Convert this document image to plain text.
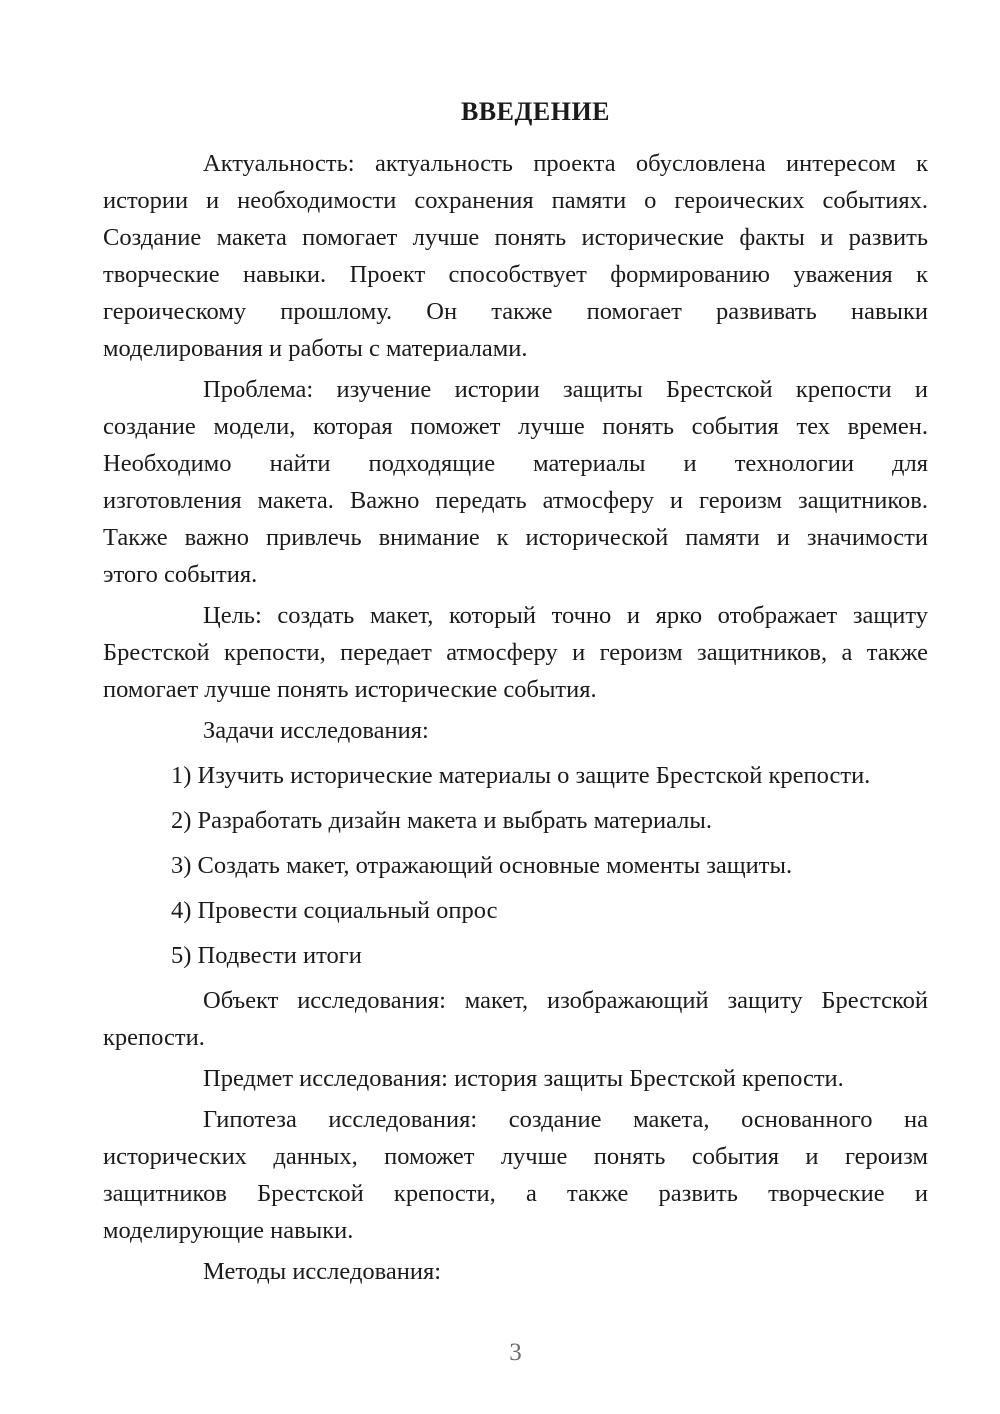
ВВЕДЕНИЕ
Актуальность: актуальность проекта обусловлена интересом к
истории и необходимости сохранения памяти о героических событиях.
Создание макета помогает лучше понять исторические факты и развить
творческие навыки. Проект способствует формированию уважения к
героическому прошлому. Он также помогает развивать навыки
моделирования и работы с материалами.
Проблема: изучение истории защиты Брестской крепости и
создание модели, которая поможет лучше понять события тех времен.
Необходимо найти подходящие материалы и технологии для
изготовления макета. Важно передать атмосферу и героизм защитников.
Также важно привлечь внимание к исторической памяти и значимости
этого события.
Цель: создать макет, который точно и ярко отображает защиту
Брестской крепости, передает атмосферу и героизм защитников, а также
помогает лучше понять исторические события.
Задачи исследования:
1) Изучить исторические материалы о защите Брестской крепости.
2) Разработать дизайн макета и выбрать материалы.
3) Создать макет, отражающий основные моменты защиты.
4) Провести социальный опрос
5) Подвести итоги
Объект исследования: макет, изображающий защиту Брестской
крепости.
Предмет исследования: история защиты Брестской крепости.
Гипотеза исследования: создание макета, основанного на
исторических данных, поможет лучше понять события и героизм
защитников Брестской крепости, а также развить творческие и
моделирующие навыки.
Методы исследования:
3
